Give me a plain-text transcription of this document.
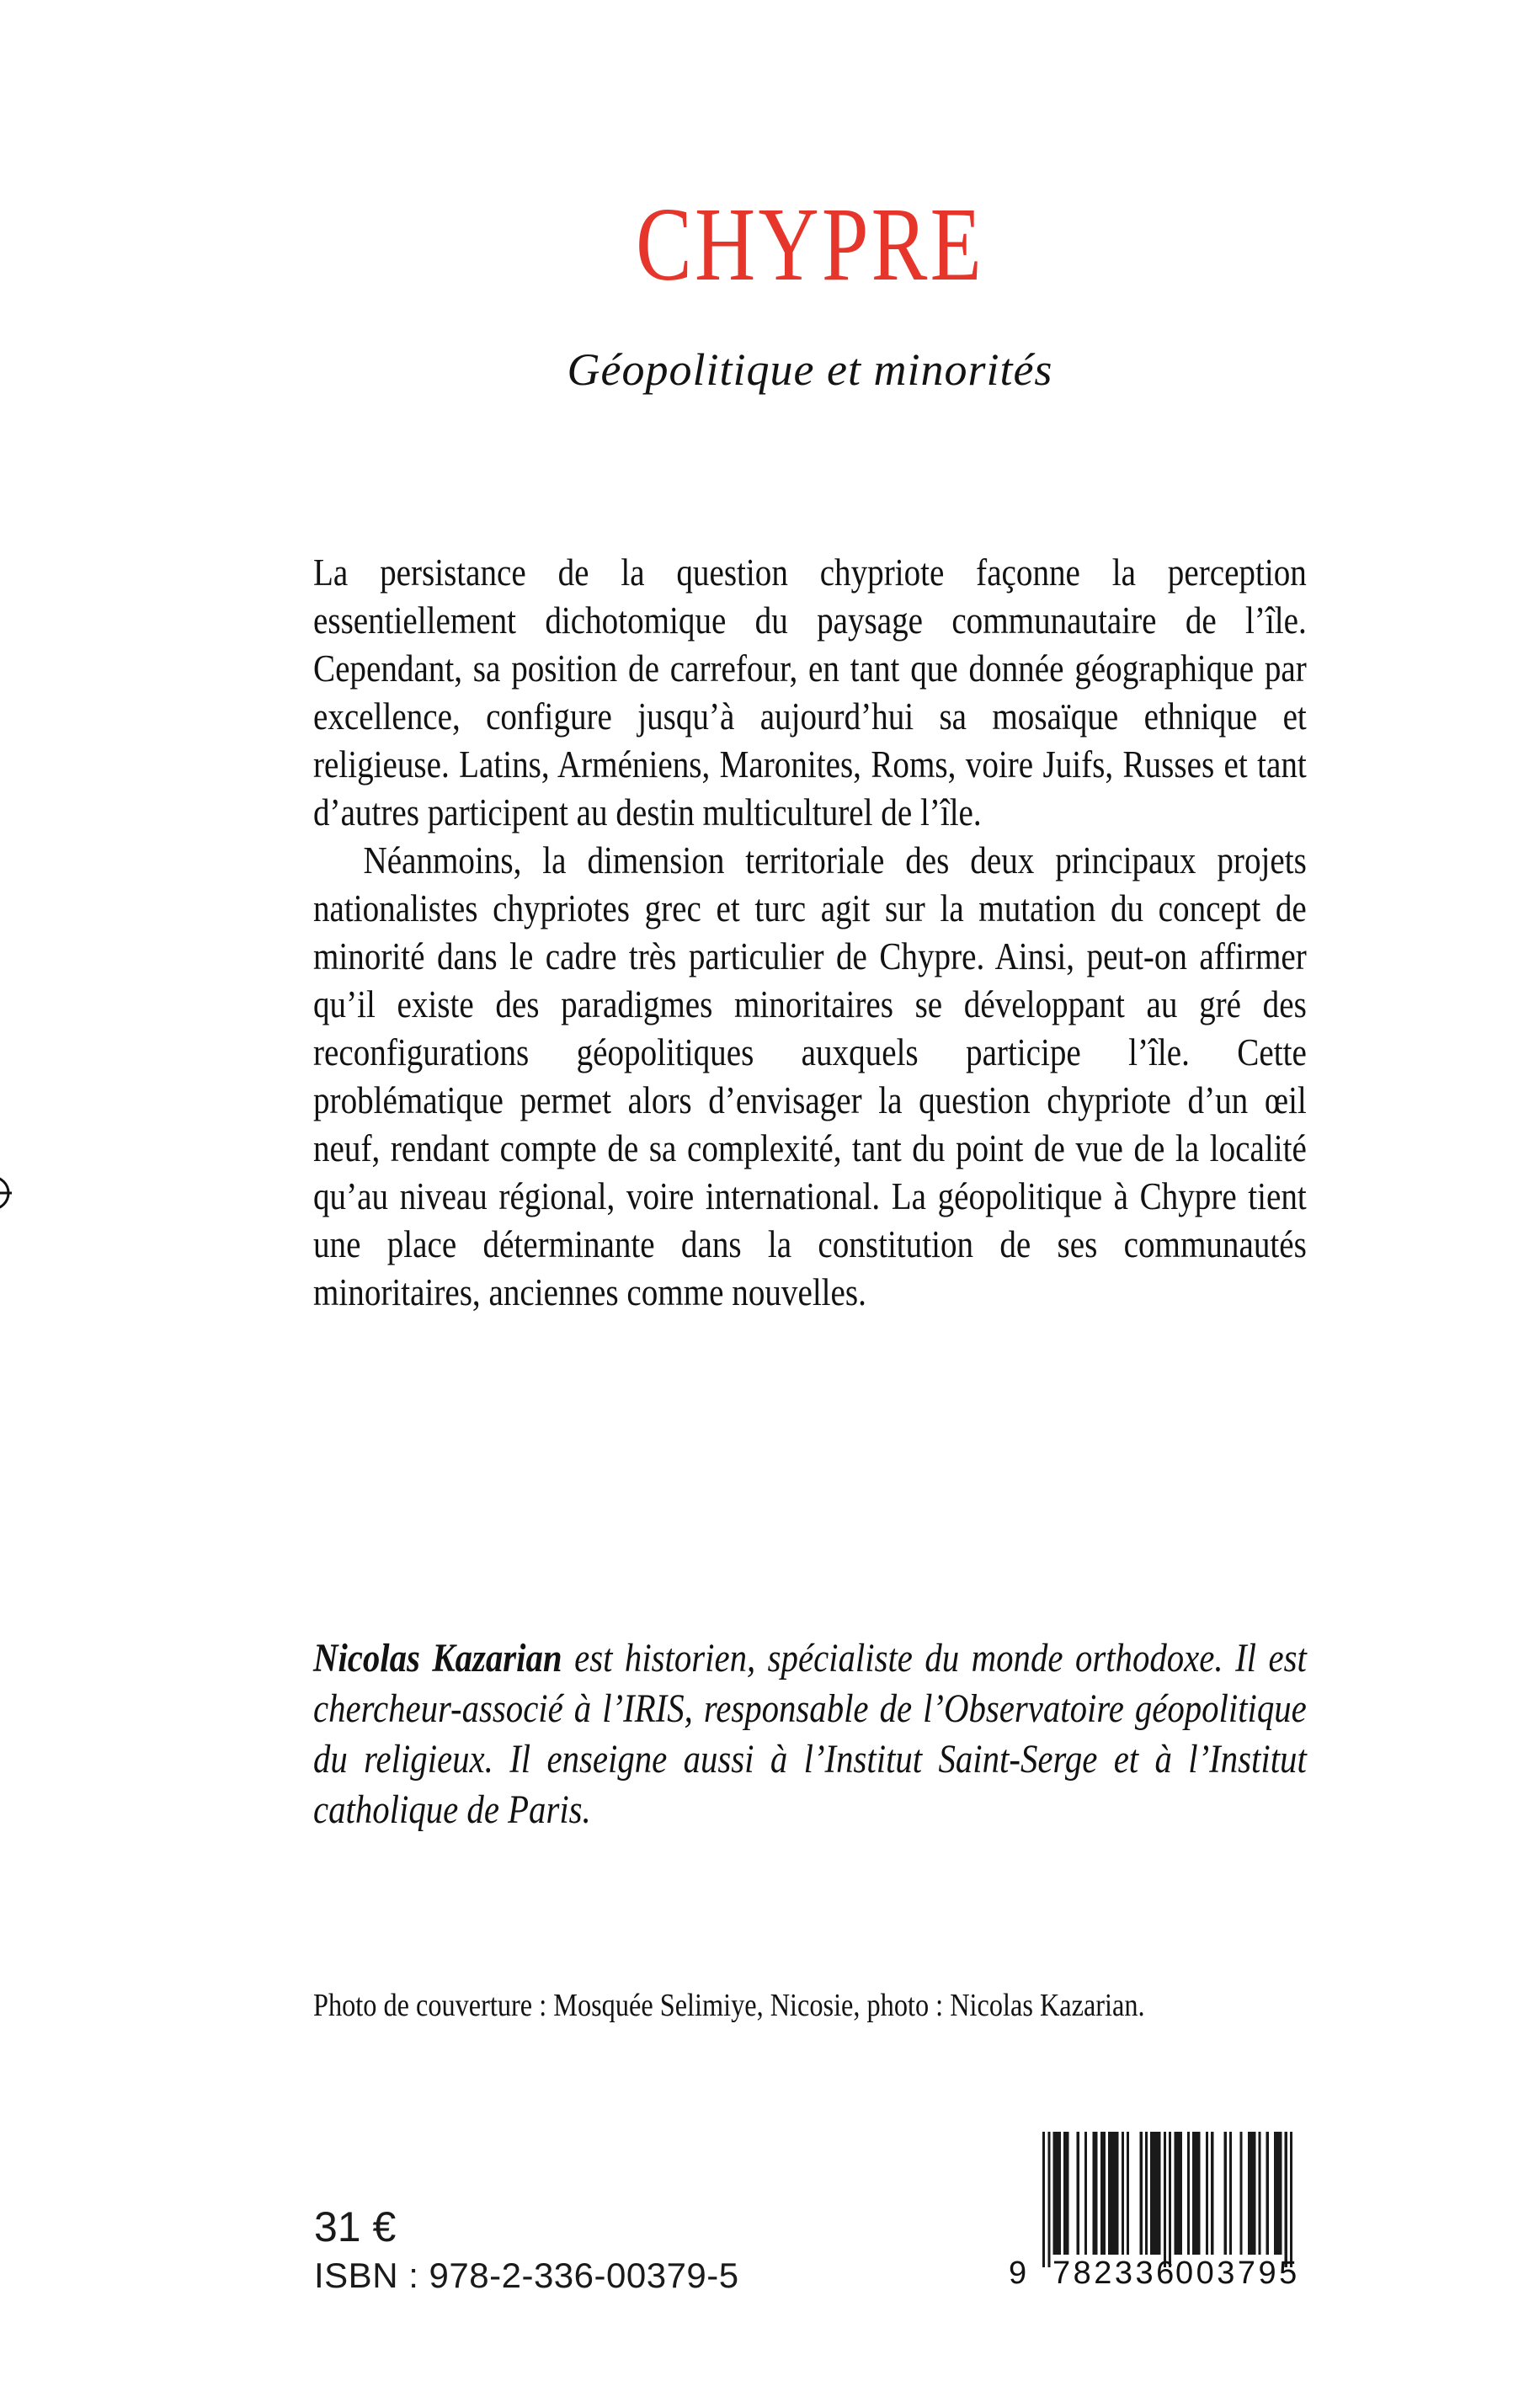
CHYPRE
Géopolitique et minorités

La persistance de la question chypriote façonne la perception essentiellement dichotomique du paysage communautaire de l’île. Cependant, sa position de carrefour, en tant que donnée géographique par excellence, configure jusqu’à aujourd’hui sa mosaïque ethnique et religieuse. Latins, Arméniens, Maronites, Roms, voire Juifs, Russes et tant d’autres participent au destin multiculturel de l’île.

Néanmoins, la dimension territoriale des deux principaux projets nationalistes chypriotes grec et turc agit sur la mutation du concept de minorité dans le cadre très particulier de Chypre. Ainsi, peut-on affirmer qu’il existe des paradigmes minoritaires se développant au gré des reconfigurations géopolitiques auxquels participe l’île. Cette problématique permet alors d’envisager la question chypriote d’un œil neuf, rendant compte de sa complexité, tant du point de vue de la localité qu’au niveau régional, voire international. La géopolitique à Chypre tient une place déterminante dans la constitution de ses communautés minoritaires, anciennes comme nouvelles.

Nicolas Kazarian est historien, spécialiste du monde orthodoxe. Il est chercheur-associé à l’IRIS, responsable de l’Observatoire géopolitique du religieux. Il enseigne aussi à l’Institut Saint-Serge et à l’Institut catholique de Paris.

Photo de couverture : Mosquée Selimiye, Nicosie, photo : Nicolas Kazarian.
31 €
ISBN : 978-2-336-00379-5	9 782336
003795
